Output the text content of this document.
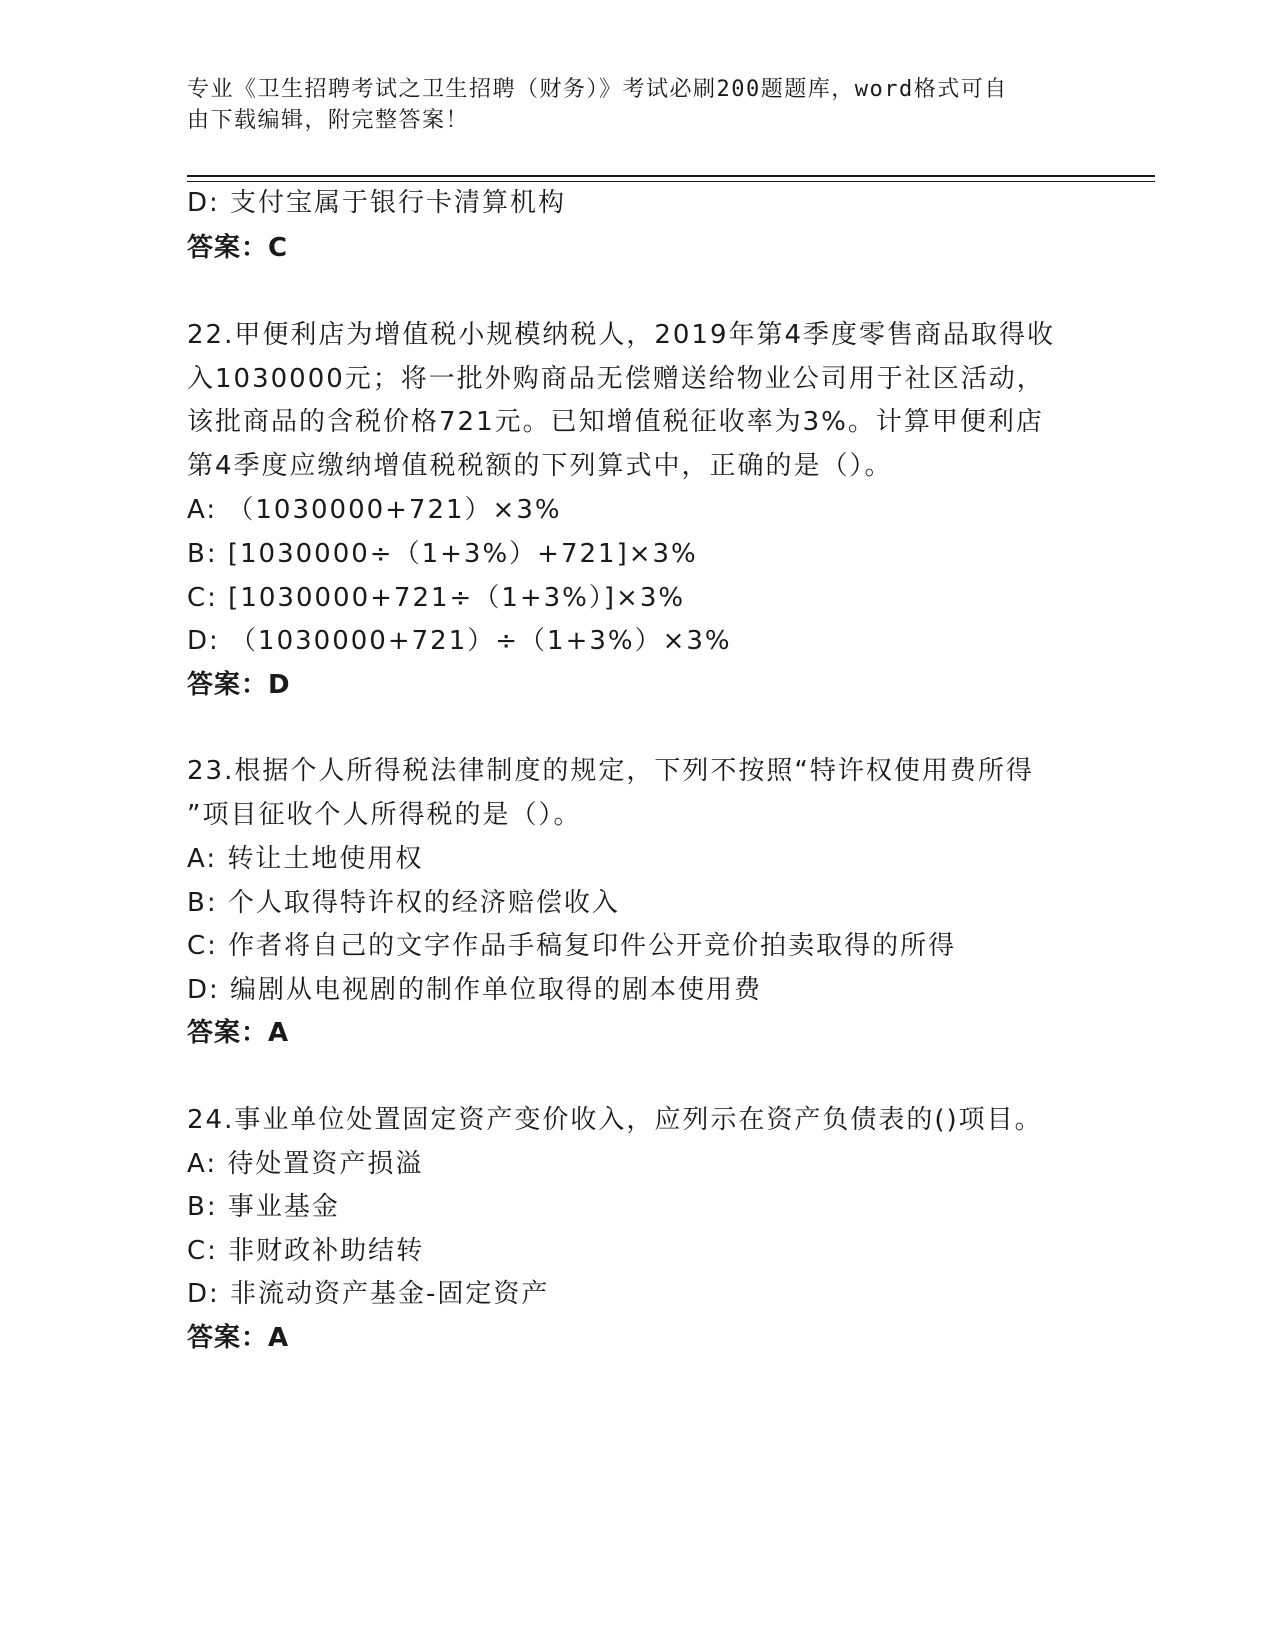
专业《卫生招聘考试之卫生招聘（财务）》考试必刷200题题库，word格式可自
由下载编辑，附完整答案！
D: 支付宝属于银行卡清算机构
答案：C
22.甲便利店为增值税小规模纳税人，2019年第4季度零售商品取得收
入1030000元；将一批外购商品无偿赠送给物业公司用于社区活动，
该批商品的含税价格721元。已知增值税征收率为3%。计算甲便利店
第4季度应缴纳增值税税额的下列算式中，正确的是（）。
A: （1030000+721）×3%
B: [1030000÷（1+3%）+721]×3%
C: [1030000+721÷（1+3%）]×3%
D: （1030000+721）÷（1+3%）×3%
答案：D
23.根据个人所得税法律制度的规定，下列不按照“特许权使用费所得
”项目征收个人所得税的是（）。
A: 转让土地使用权
B: 个人取得特许权的经济赔偿收入
C: 作者将自己的文字作品手稿复印件公开竞价拍卖取得的所得
D: 编剧从电视剧的制作单位取得的剧本使用费
答案：A
24.事业单位处置固定资产变价收入，应列示在资产负债表的()项目。
A: 待处置资产损溢
B: 事业基金
C: 非财政补助结转
D: 非流动资产基金-固定资产
答案：A
